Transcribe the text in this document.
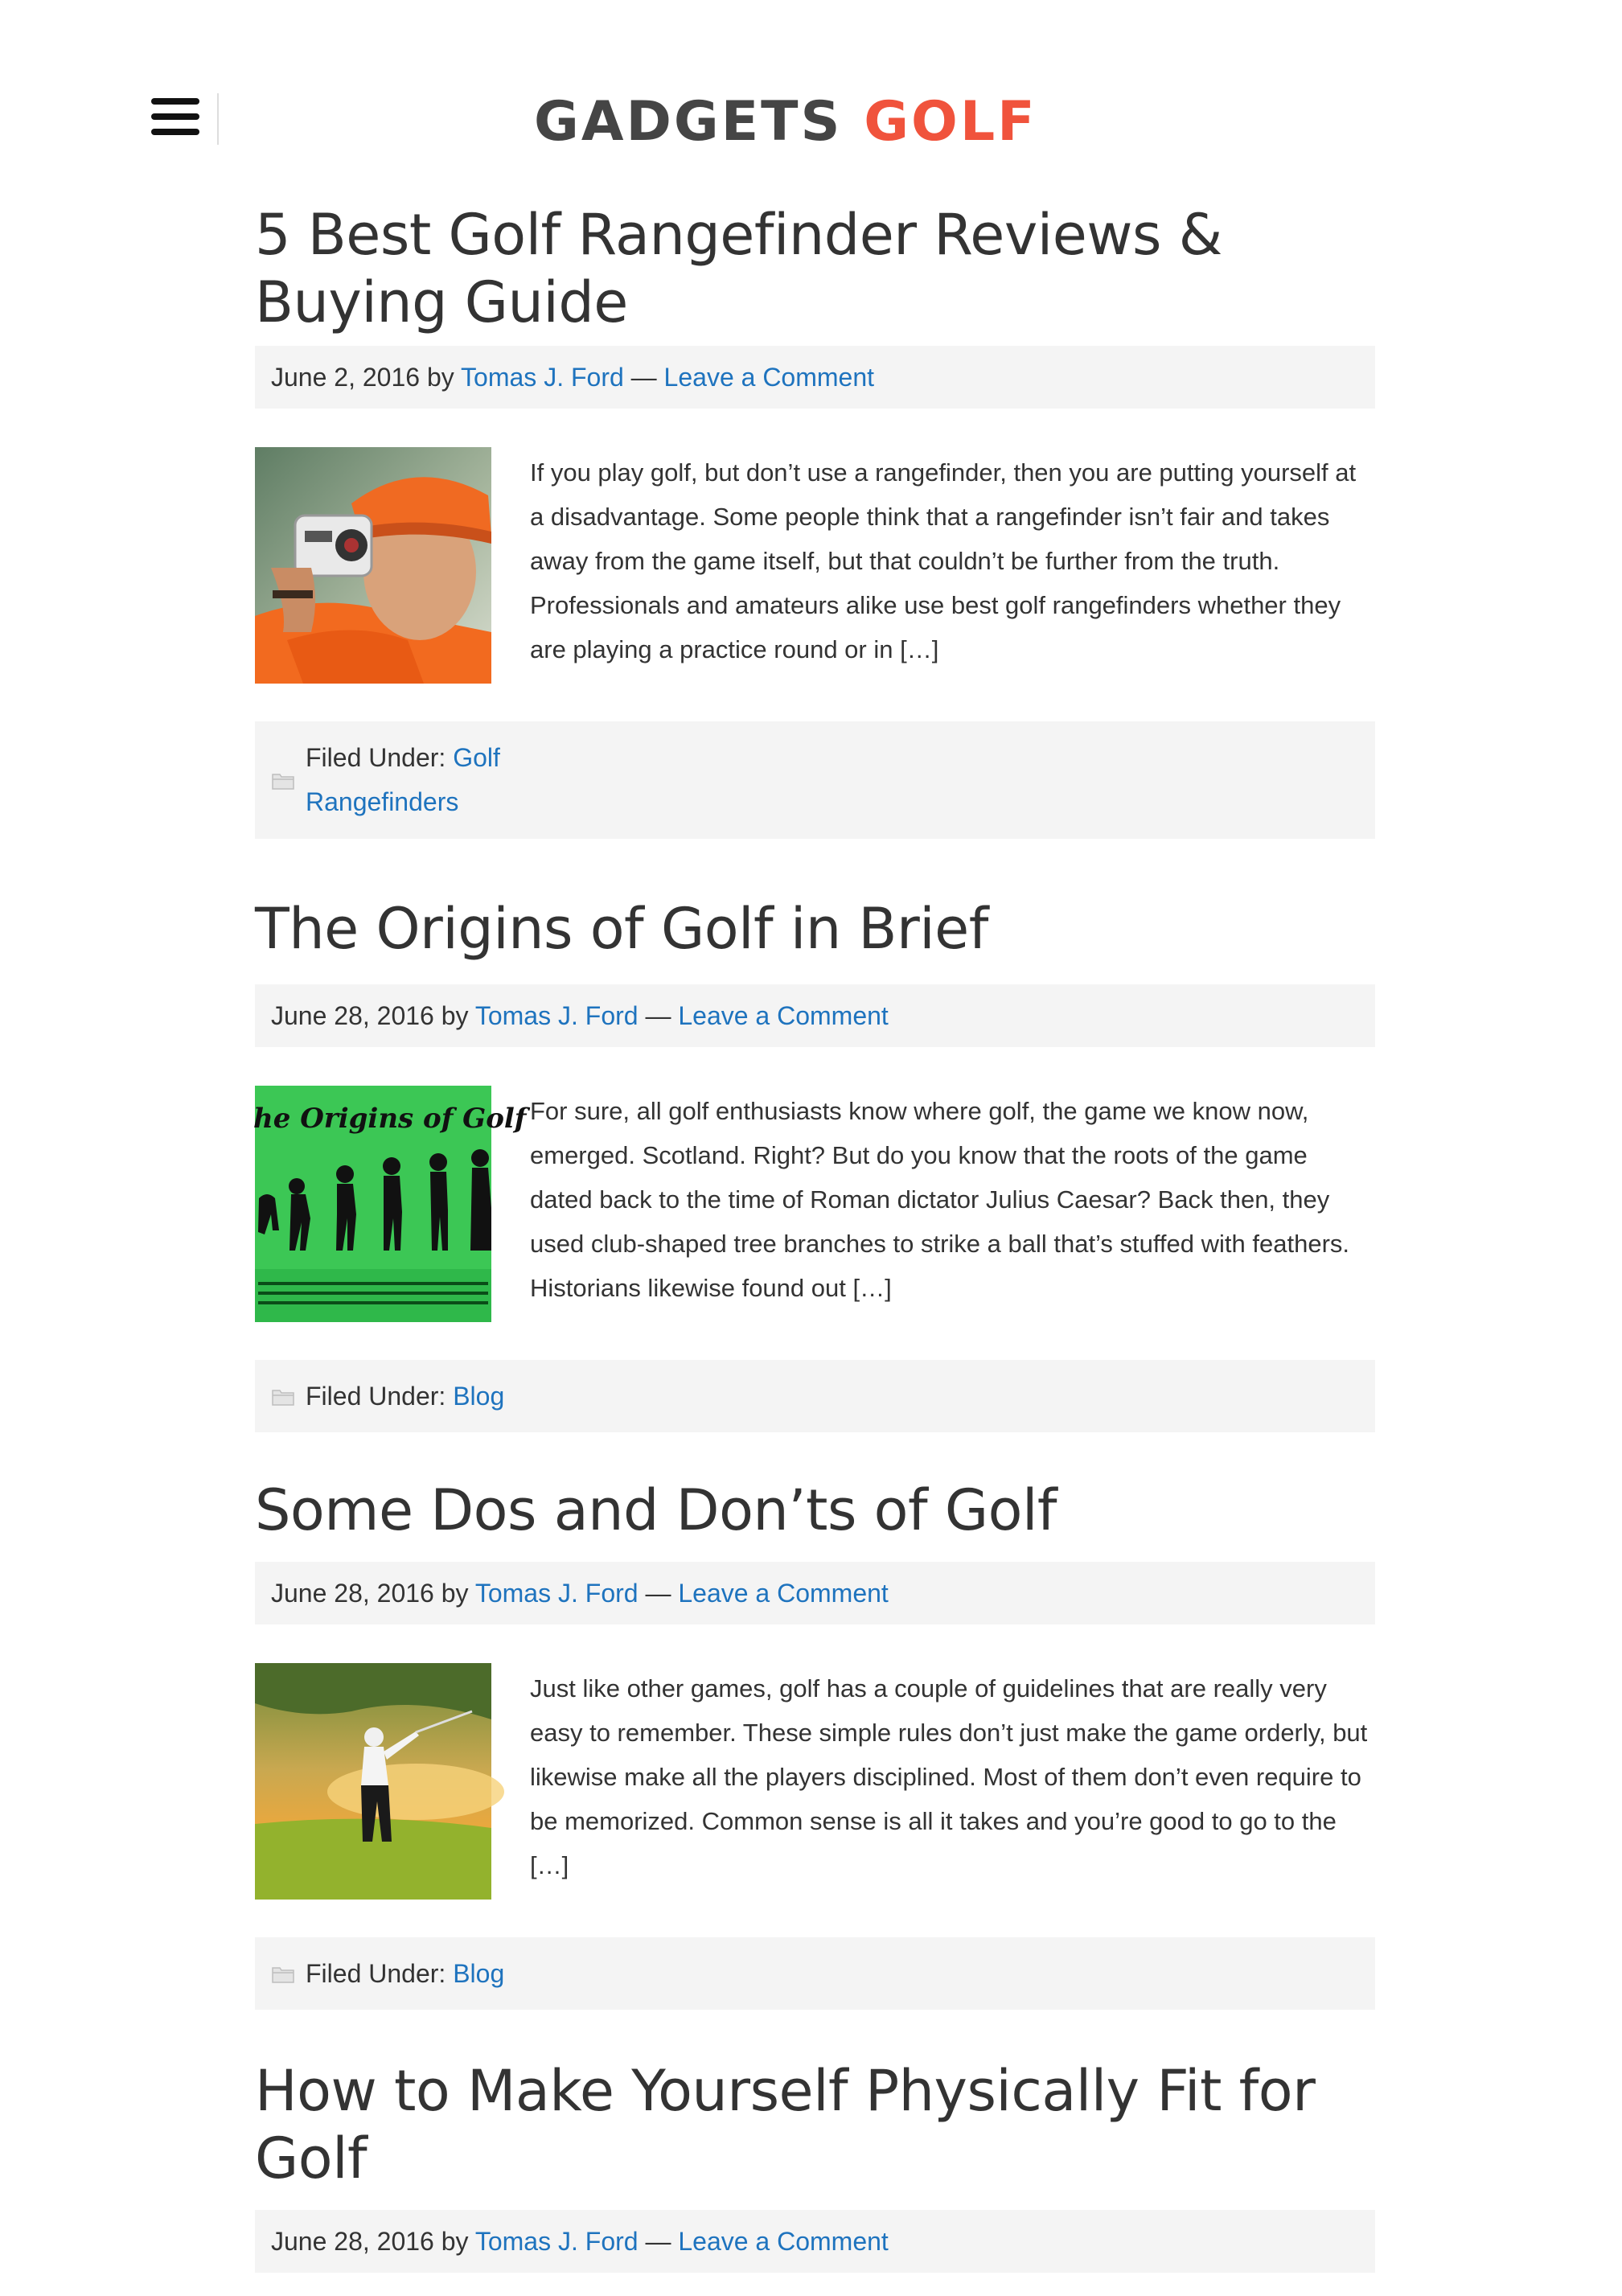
GADGETS GOLF
5 Best Golf Rangefinder Reviews & Buying Guide
June 2, 2016 by Tomas J. Ford — Leave a Comment
If you play golf, but don’t use a rangefinder, then you are putting yourself at a disadvantage. Some people think that a rangefinder isn’t fair and takes away from the game itself, but that couldn’t be further from the truth. Professionals and amateurs alike use best golf rangefinders whether they are playing a practice round or in […]
Filed Under: Golf Rangefinders
The Origins of Golf in Brief
June 28, 2016 by Tomas J. Ford — Leave a Comment
he Origins of Golf For sure, all golf enthusiasts know where golf, the game we know now, emerged. Scotland. Right? But do you know that the roots of the game dated back to the time of Roman dictator Julius Caesar? Back then, they used club-shaped tree branches to strike a ball that’s stuffed with feathers. Historians likewise found out […]
Filed Under: Blog
Some Dos and Don’ts of Golf
June 28, 2016 by Tomas J. Ford — Leave a Comment
Just like other games, golf has a couple of guidelines that are really very easy to remember. These simple rules don’t just make the game orderly, but likewise make all the players disciplined. Most of them don’t even require to be memorized. Common sense is all it takes and you’re good to go to the […]
Filed Under: Blog
How to Make Yourself Physically Fit for Golf
June 28, 2016 by Tomas J. Ford — Leave a Comment
